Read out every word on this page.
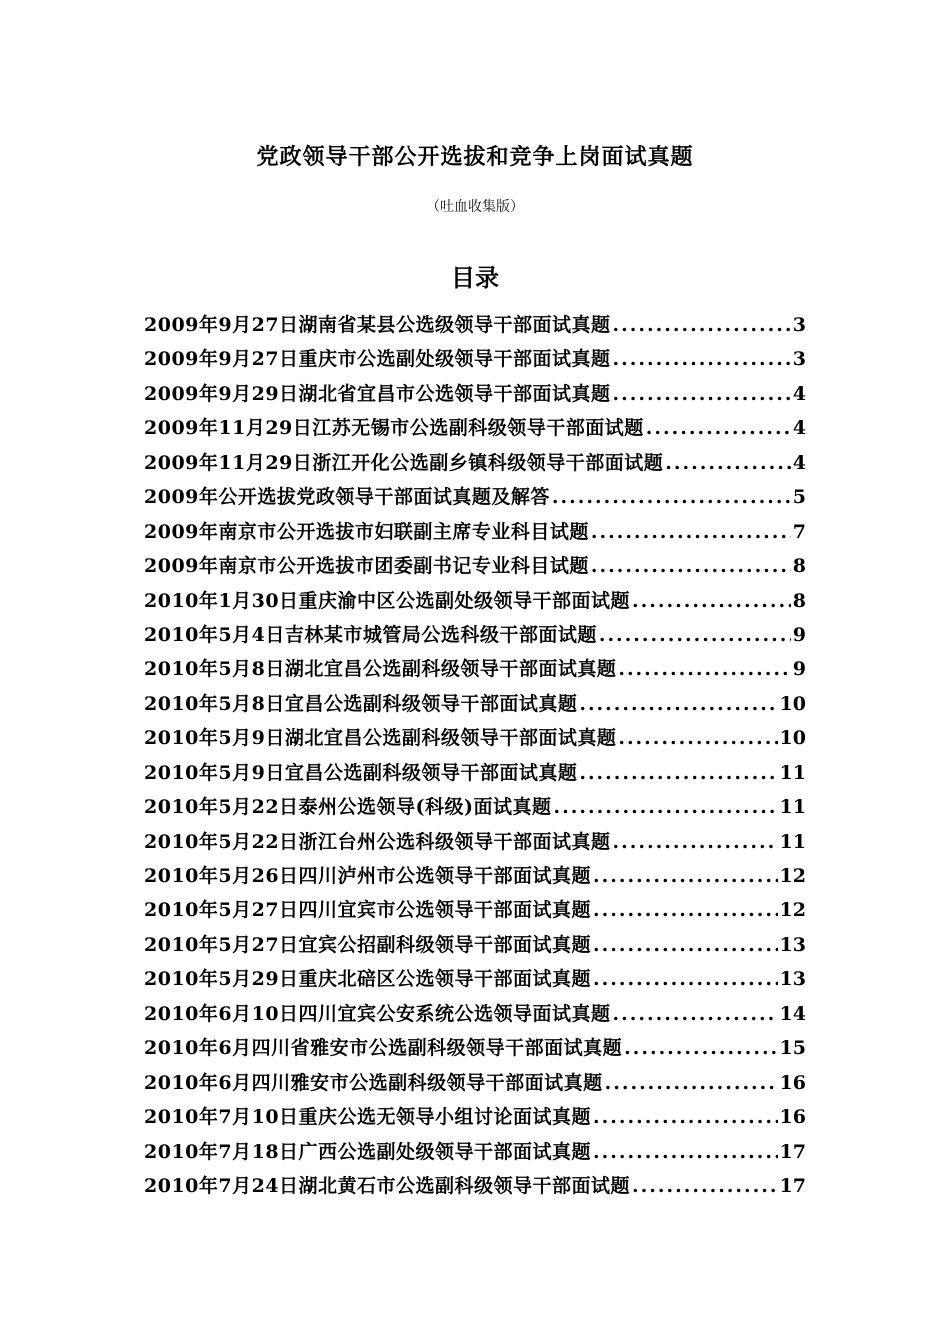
党政领导干部公开选拔和竞争上岗面试真题
（吐血收集版）
目录
2009年9月27日湖南省某县公选级领导干部面试真题 .....	3
2009年9月27日重庆市公选副处级领导干部面试真题 .....	3
2009年9月29日湖北省宜昌市公选领导干部面试真题 .....	4
2009年11月29日江苏无锡市公选副科级领导干部面试题 .....	4
2009年11月29日浙江开化公选副乡镇科级领导干部面试题 .....	4
2009年公开选拔党政领导干部面试真题及解答 .....	5
2009年南京市公开选拔市妇联副主席专业科目试题 .....	7
2009年南京市公开选拔市团委副书记专业科目试题 .....	8
2010年1月30日重庆渝中区公选副处级领导干部面试题 .....	8
2010年5月4日吉林某市城管局公选科级干部面试题 .....	9
2010年5月8日湖北宜昌公选副科级领导干部面试真题 .....	9
2010年5月8日宜昌公选副科级领导干部面试真题 .....	10
2010年5月9日湖北宜昌公选副科级领导干部面试真题 .....	10
2010年5月9日宜昌公选副科级领导干部面试真题 .....	11
2010年5月22日泰州公选领导(科级)面试真题 .....	11
2010年5月22日浙江台州公选科级领导干部面试真题 .....	11
2010年5月26日四川泸州市公选领导干部面试真题 .....	12
2010年5月27日四川宜宾市公选领导干部面试真题 .....	12
2010年5月27日宜宾公招副科级领导干部面试真题 .....	13
2010年5月29日重庆北碚区公选领导干部面试真题 .....	13
2010年6月10日四川宜宾公安系统公选领导面试真题 .....	14
2010年6月四川省雅安市公选副科级领导干部面试真题 .....	15
2010年6月四川雅安市公选副科级领导干部面试真题 .....	16
2010年7月10日重庆公选无领导小组讨论面试真题 .....	16
2010年7月18日广西公选副处级领导干部面试真题 .....	17
2010年7月24日湖北黄石市公选副科级领导干部面试题 .....	17
